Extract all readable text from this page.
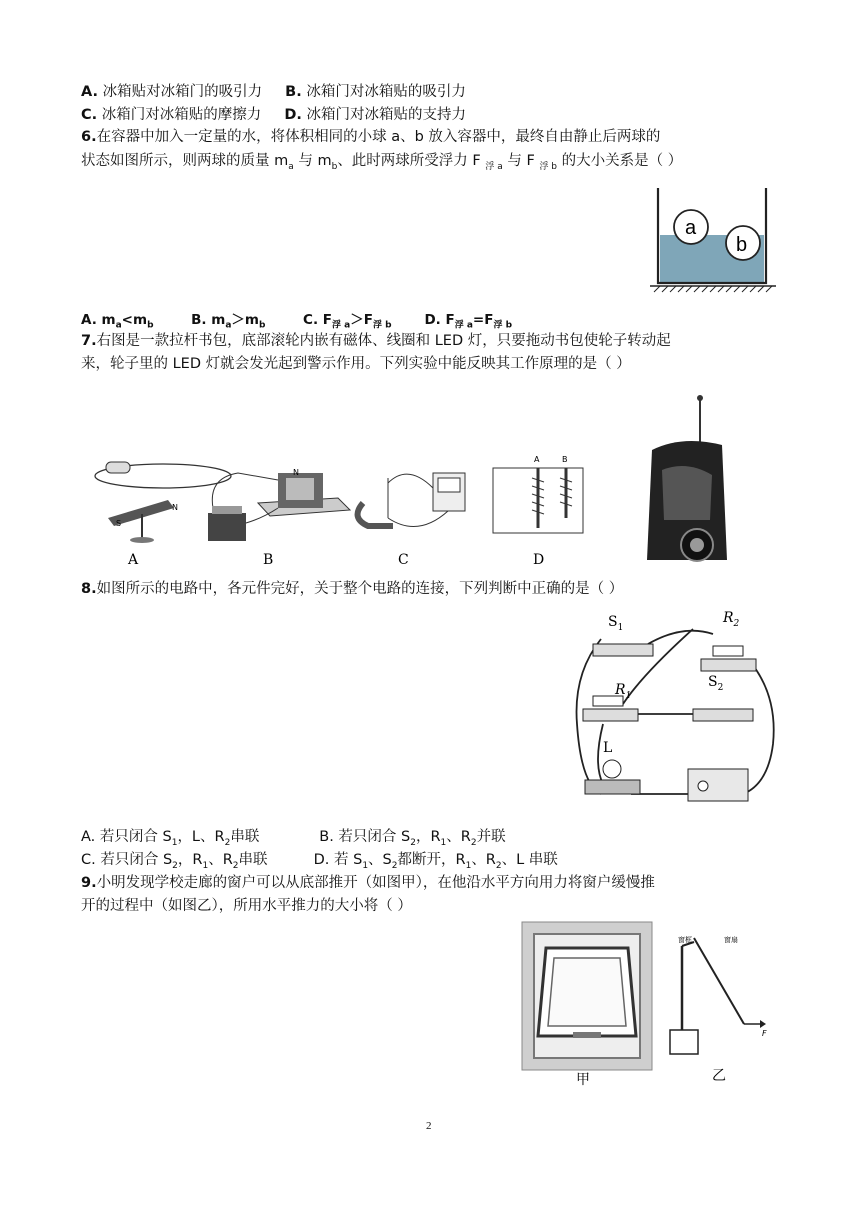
A. 冰箱贴对冰箱门的吸引力 B. 冰箱门对冰箱贴的吸引力
C. 冰箱门对冰箱贴的摩擦力 D. 冰箱门对冰箱贴的支持力
6.在容器中加入一定量的水，将体积相同的小球 a、b 放入容器中，最终自由静止后两球的
状态如图所示，则两球的质量 $m_a$ 与 $m_b$、此时两球所受浮力 F $_{浮 a}$ 与 F $_{浮 b}$ 的大小关系是（ ）
a
b
A. $m_a<m_b$	B. $m_a>m_b$	C. $F_{浮 a}>F_{浮 b}$ D. $F_{浮 a}=F_{浮 b}$
7.右图是一款拉杆书包，底部滚轮内嵌有磁体、线圈和 LED 灯，只要拖动书包使轮子转动起
来，轮子里的 LED 灯就会发光起到警示作用。下列实验中能反映其工作原理的是（ ）
S
N
A
N
B	C
A	B
D
8.如图所示的电路中，各元件完好，关于整个电路的连接，下列判断中正确的是（ ）
$S_1$
$R_2$
$R_1$
$S_2$
L
A. 若只闭合 $S_1$，L、$R_2$串联	B. 若只闭合 $S_2$，$R_1$、$R_2$并联
C. 若只闭合 $S_2$，$R_1$、$R_2$串联	D. 若 $S_1$、$S_2$都断开，$R_1$、$R_2$、L 串联
9.小明发现学校走廊的窗户可以从底部推开（如图甲），在他沿水平方向用力将窗户缓慢推
开的过程中（如图乙），所用水平推力的大小将（ ）
甲
F
窗框	窗扇
乙
2
